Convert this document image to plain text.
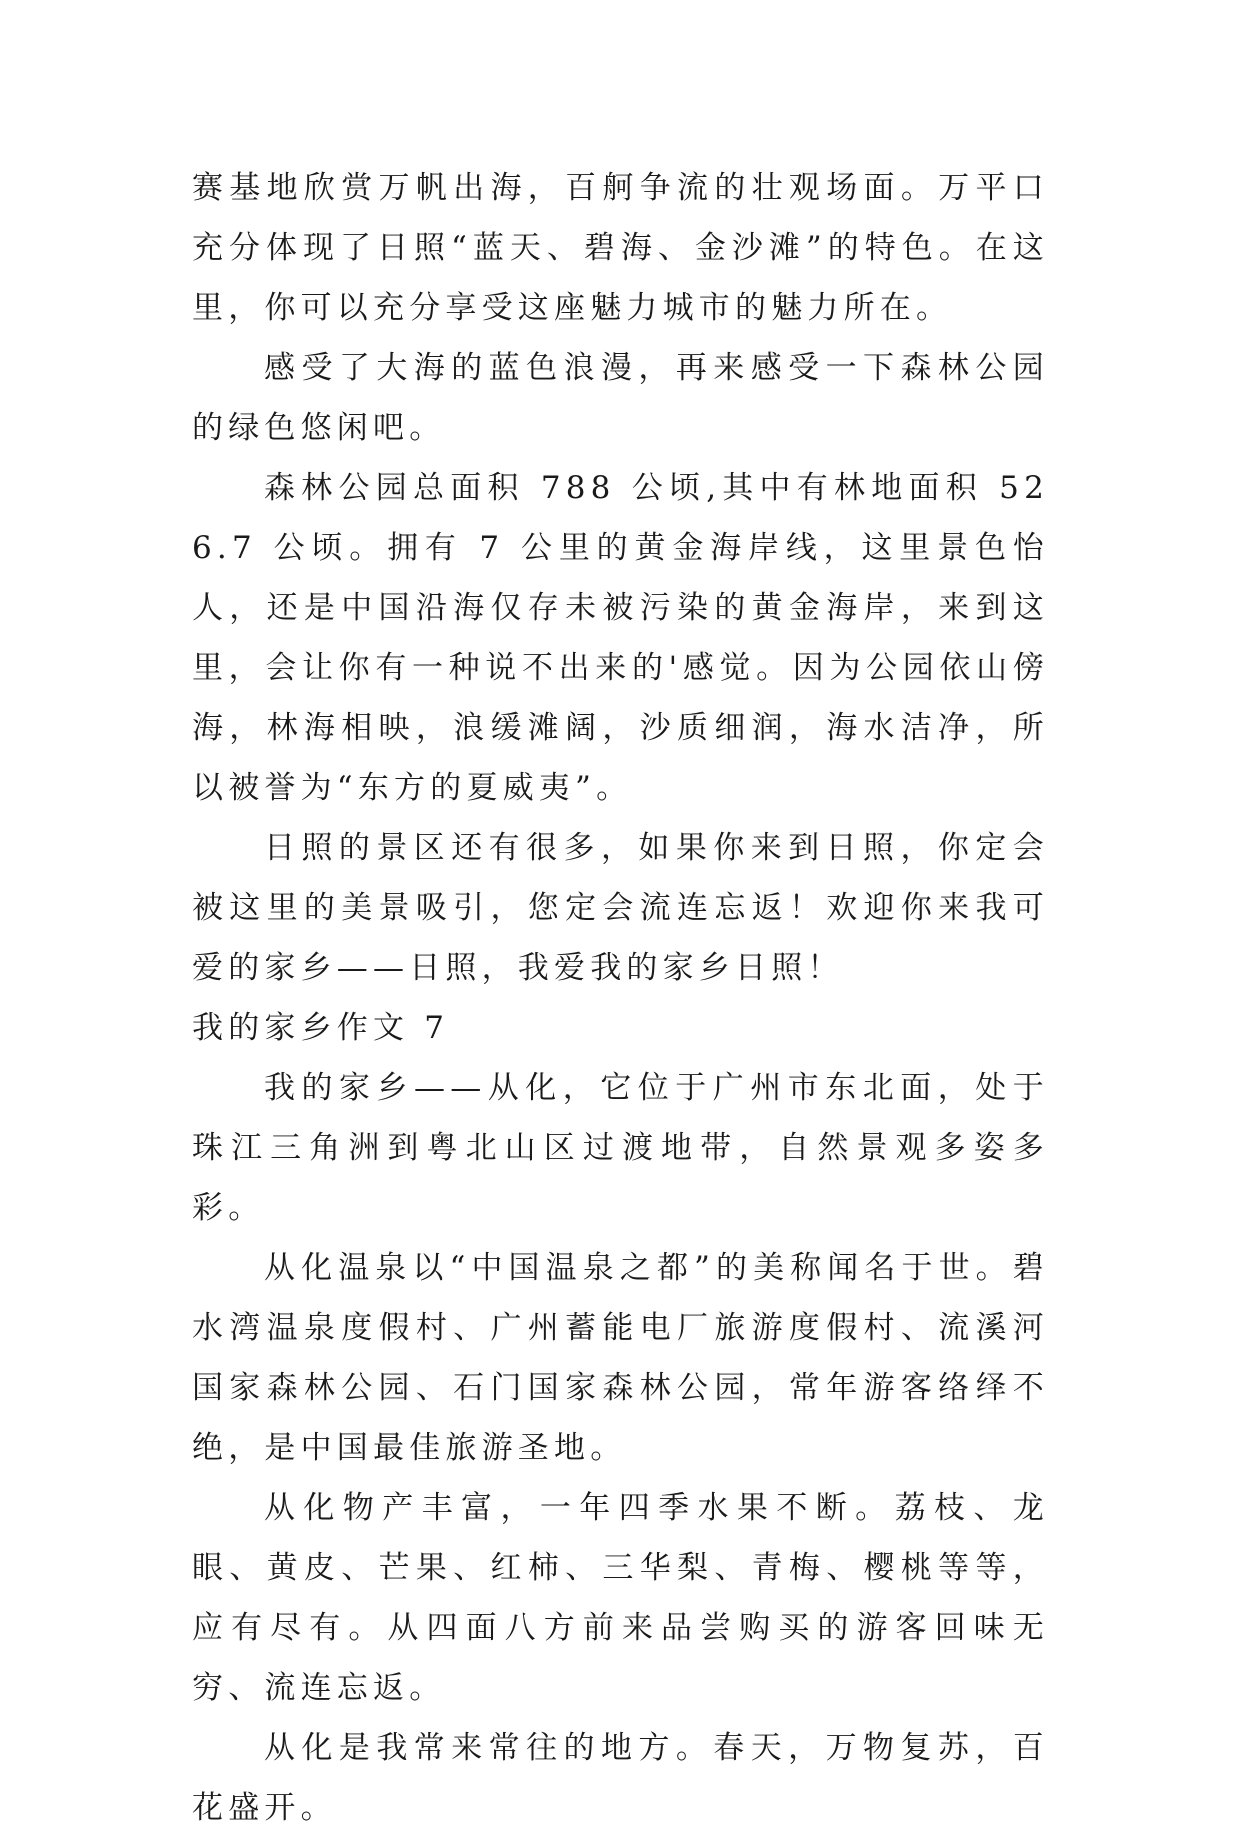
赛基地欣赏万帆出海，百舸争流的壮观场面。万平口充分体现了日照“蓝天、碧海、金沙滩”的特色。在这里，你可以充分享受这座魅力城市的魅力所在。

感受了大海的蓝色浪漫，再来感受一下森林公园的绿色悠闲吧。

森林公园总面积 788 公顷,其中有林地面积 526.7 公顷。拥有 7 公里的黄金海岸线，这里景色怡人，还是中国沿海仅存未被污染的黄金海岸，来到这里，会让你有一种说不出来的'感觉。因为公园依山傍海，林海相映，浪缓滩阔，沙质细润，海水洁净，所以被誉为“东方的夏威夷”。

日照的景区还有很多，如果你来到日照，你定会被这里的美景吸引，您定会流连忘返！欢迎你来我可爱的家乡——日照，我爱我的家乡日照！

我的家乡作文 7

我的家乡——从化，它位于广州市东北面，处于珠江三角洲到粤北山区过渡地带，自然景观多姿多彩。

从化温泉以“中国温泉之都”的美称闻名于世。碧水湾温泉度假村、广州蓄能电厂旅游度假村、流溪河国家森林公园、石门国家森林公园，常年游客络绎不绝，是中国最佳旅游圣地。

从化物产丰富，一年四季水果不断。荔枝、龙眼、黄皮、芒果、红柿、三华梨、青梅、樱桃等等，应有尽有。从四面八方前来品尝购买的游客回味无穷、流连忘返。

从化是我常来常往的地方。春天，万物复苏，百花盛开。
